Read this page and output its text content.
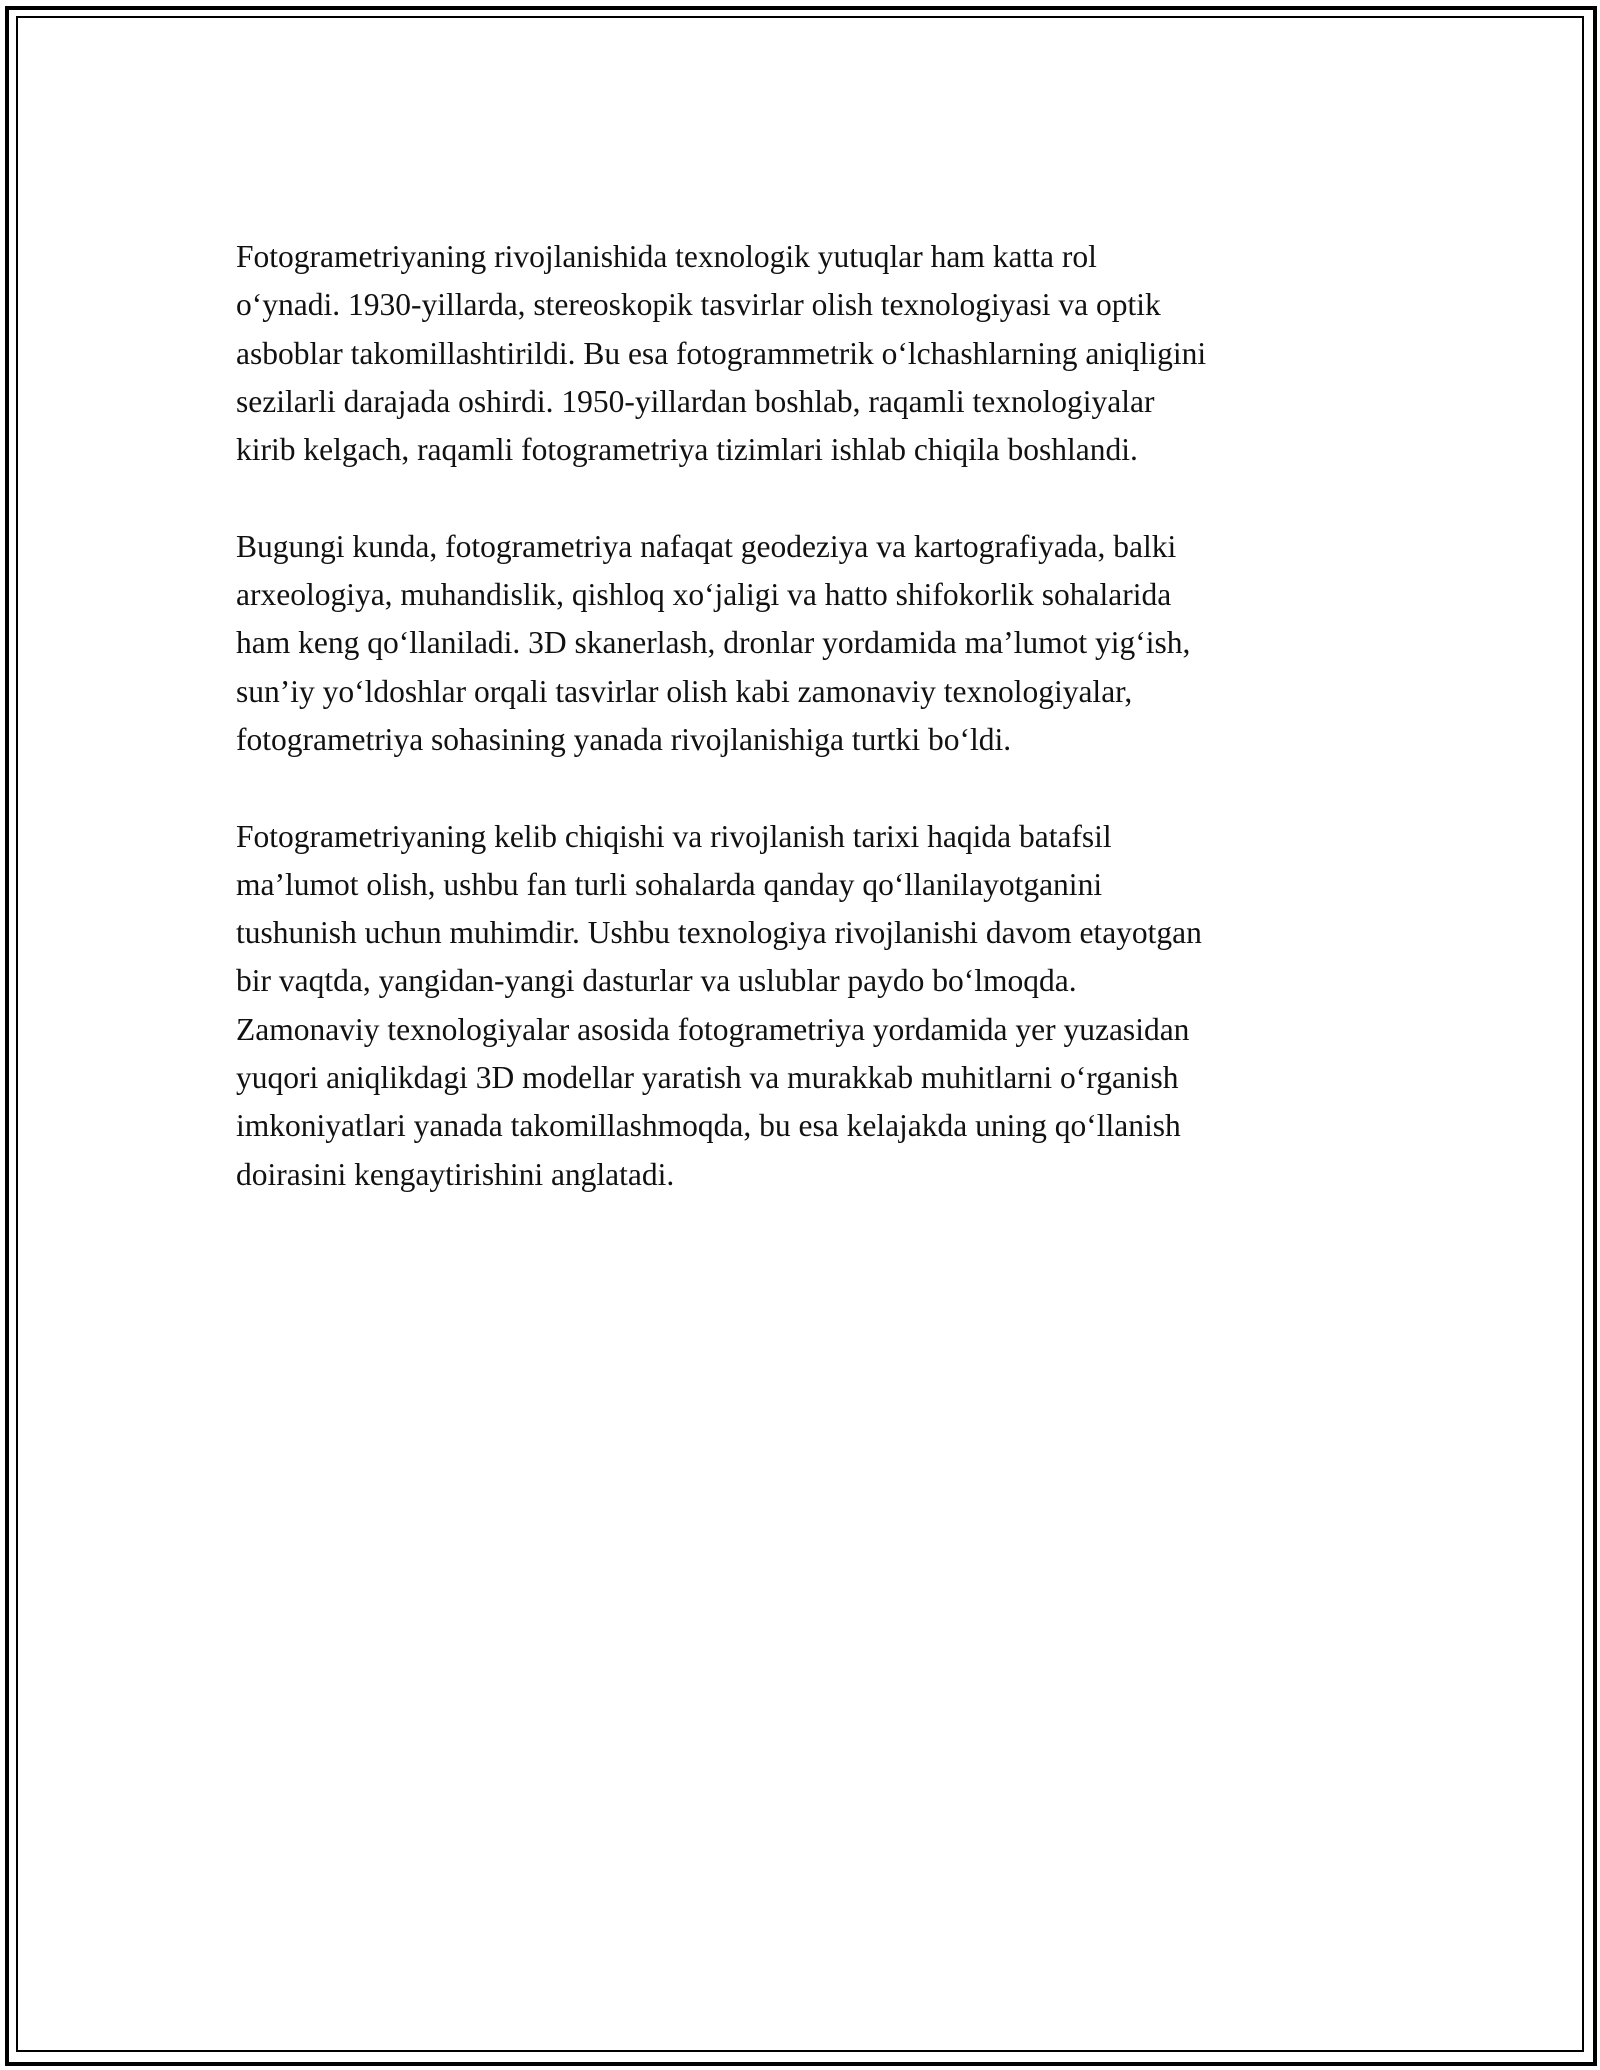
Fotogrametriyaning rivojlanishida texnologik yutuqlar ham katta rol
o‘ynadi. 1930-yillarda, stereoskopik tasvirlar olish texnologiyasi va optik
asboblar takomillashtirildi. Bu esa fotogrammetrik o‘lchashlarning aniqligini
sezilarli darajada oshirdi. 1950-yillardan boshlab, raqamli texnologiyalar
kirib kelgach, raqamli fotogrametriya tizimlari ishlab chiqila boshlandi.

Bugungi kunda, fotogrametriya nafaqat geodeziya va kartografiyada, balki
arxeologiya, muhandislik, qishloq xo‘jaligi va hatto shifokorlik sohalarida
ham keng qo‘llaniladi. 3D skanerlash, dronlar yordamida ma’lumot yig‘ish,
sun’iy yo‘ldoshlar orqali tasvirlar olish kabi zamonaviy texnologiyalar,
fotogrametriya sohasining yanada rivojlanishiga turtki bo‘ldi.

Fotogrametriyaning kelib chiqishi va rivojlanish tarixi haqida batafsil
ma’lumot olish, ushbu fan turli sohalarda qanday qo‘llanilayotganini
tushunish uchun muhimdir. Ushbu texnologiya rivojlanishi davom etayotgan
bir vaqtda, yangidan-yangi dasturlar va uslublar paydo bo‘lmoqda.
Zamonaviy texnologiyalar asosida fotogrametriya yordamida yer yuzasidan
yuqori aniqlikdagi 3D modellar yaratish va murakkab muhitlarni o‘rganish
imkoniyatlari yanada takomillashmoqda, bu esa kelajakda uning qo‘llanish
doirasini kengaytirishini anglatadi.
